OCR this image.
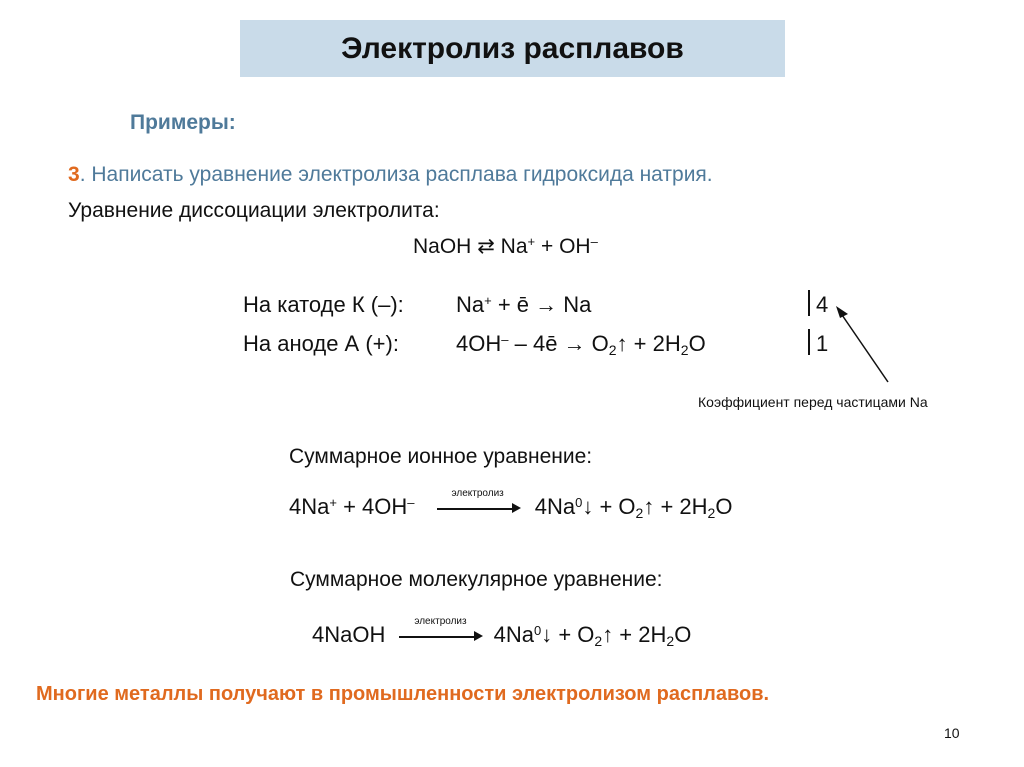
Электролиз расплавов
Примеры:
3. Написать уравнение электролиза расплава гидроксида натрия.
Уравнение диссоциации электролита:
NaOH ⇄ Na+ + OH–
На катоде К (–): Na+ + ē → Na	4
На аноде А (+):	4OH– – 4ē → O2↑ + 2H2O	1
Коэффициент перед частицами Na
Суммарное ионное уравнение:
4Na+ + 4OH–
электролиз
$4Na^0↓$ + O2↑ + 2H2O
Суммарное молекулярное уравнение:
4NaOH
электролиз
$4Na^0↓$ + O2↑ + 2H2O
Многие металлы получают в промышленности электролизом расплавов.
10
